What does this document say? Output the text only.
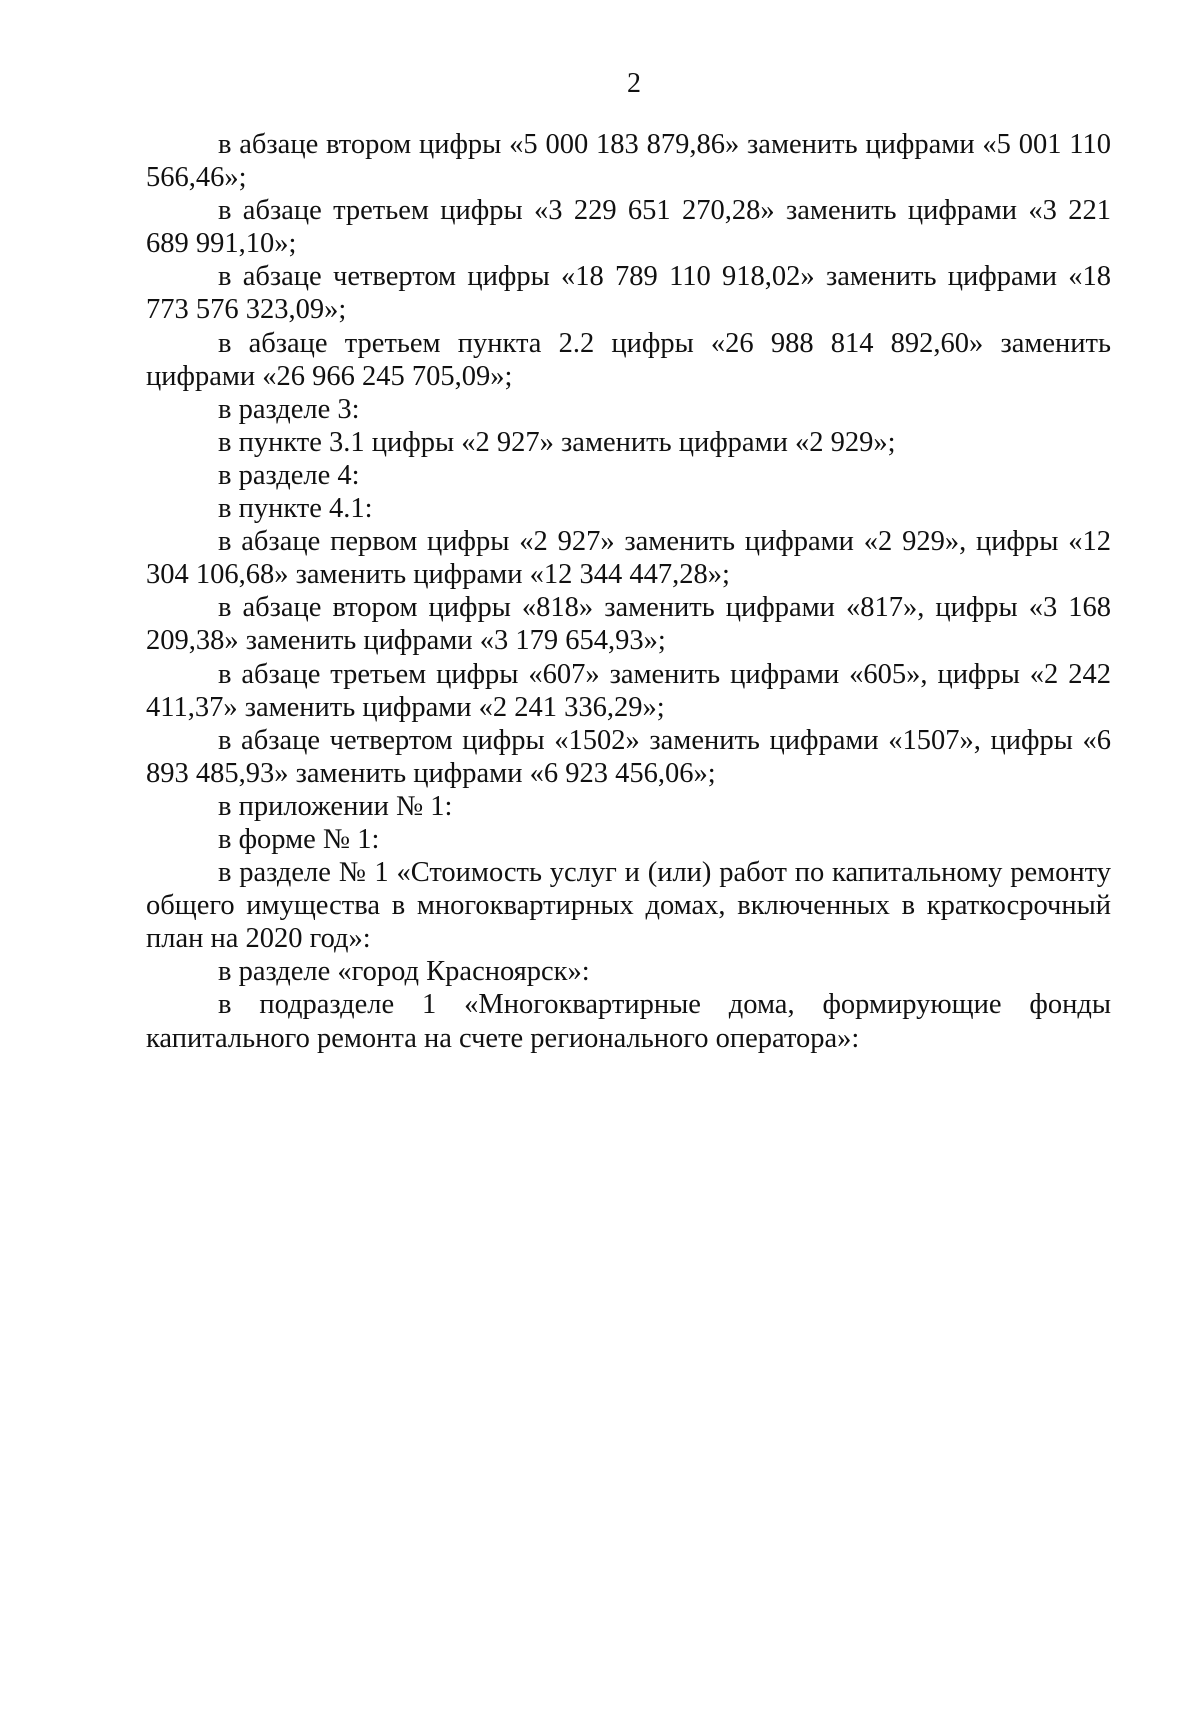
2

в абзаце втором цифры «5 000 183 879,86» заменить цифрами «5 001 110 566,46»;

в абзаце третьем цифры «3 229 651 270,28» заменить цифрами «3 221 689 991,10»;

в абзаце четвертом цифры «18 789 110 918,02» заменить цифрами «18 773 576 323,09»;

в абзаце третьем пункта 2.2 цифры «26 988 814 892,60» заменить цифрами «26 966 245 705,09»;

в разделе 3:

в пункте 3.1 цифры «2 927» заменить цифрами «2 929»;

в разделе 4:

в пункте 4.1:

в абзаце первом цифры «2 927» заменить цифрами «2 929», цифры «12 304 106,68» заменить цифрами «12 344 447,28»;

в абзаце втором цифры «818» заменить цифрами «817», цифры «3 168 209,38» заменить цифрами «3 179 654,93»;

в абзаце третьем цифры «607» заменить цифрами «605», цифры «2 242 411,37» заменить цифрами «2 241 336,29»;

в абзаце четвертом цифры «1502» заменить цифрами «1507», цифры «6 893 485,93» заменить цифрами «6 923 456,06»;

в приложении № 1:

в форме № 1:

в разделе № 1 «Стоимость услуг и (или) работ по капитальному ремонту общего имущества в многоквартирных домах, включенных в краткосрочный план на 2020 год»:

в разделе «город Красноярск»:

в подразделе 1 «Многоквартирные дома, формирующие фонды капитального ремонта на счете регионального оператора»:
